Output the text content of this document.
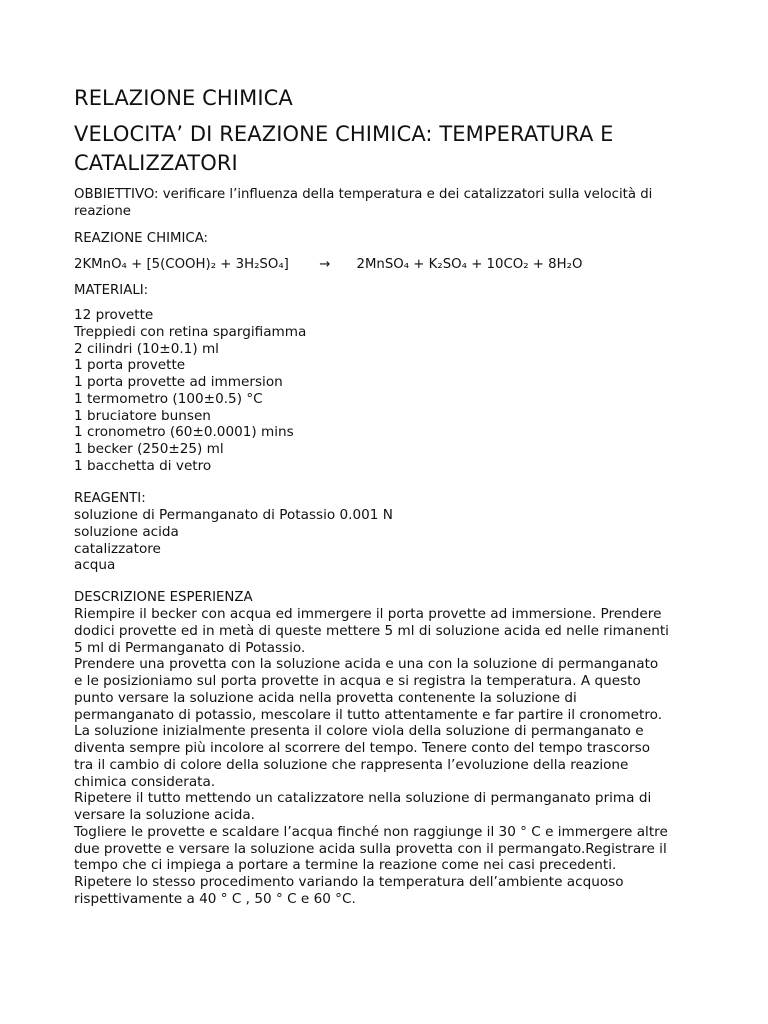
RELAZIONE CHIMICA
VELOCITA’ DI REAZIONE CHIMICA: TEMPERATURA E
CATALIZZATORI
OBBIETTIVO: verificare l’influenza della temperatura e dei catalizzatori sulla velocità di
reazione
REAZIONE CHIMICA:
2KMnO₄ + [5(COOH)₂ + 3H₂SO₄] → 2MnSO₄ + K₂SO₄ + 10CO₂ + 8H₂O
MATERIALI:
12 provette
Treppiedi con retina spargifiamma
2 cilindri (10±0.1) ml
1 porta provette
1 porta provette ad immersion
1 termometro (100±0.5) °C
1 bruciatore bunsen
1 cronometro (60±0.0001) mins
1 becker (250±25) ml
1 bacchetta di vetro
REAGENTI:
soluzione di Permanganato di Potassio 0.001 N
soluzione acida
catalizzatore
acqua
DESCRIZIONE ESPERIENZA
Riempire il becker con acqua ed immergere il porta provette ad immersione. Prendere
dodici provette ed in metà di queste mettere 5 ml di soluzione acida ed nelle rimanenti
5 ml di Permanganato di Potassio.
Prendere una provetta con la soluzione acida e una con la soluzione di permanganato
e le posizioniamo sul porta provette in acqua e si registra la temperatura. A questo
punto versare la soluzione acida nella provetta contenente la soluzione di
permanganato di potassio, mescolare il tutto attentamente e far partire il cronometro.
La soluzione inizialmente presenta il colore viola della soluzione di permanganato e
diventa sempre più incolore al scorrere del tempo. Tenere conto del tempo trascorso
tra il cambio di colore della soluzione che rappresenta l’evoluzione della reazione
chimica considerata.
Ripetere il tutto mettendo un catalizzatore nella soluzione di permanganato prima di
versare la soluzione acida.
Togliere le provette e scaldare l’acqua finché non raggiunge il 30 ° C e immergere altre
due provette e versare la soluzione acida sulla provetta con il permangato.Registrare il
tempo che ci impiega a portare a termine la reazione come nei casi precedenti.
Ripetere lo stesso procedimento variando la temperatura dell’ambiente acquoso
rispettivamente a 40 ° C , 50 ° C e 60 °C.
